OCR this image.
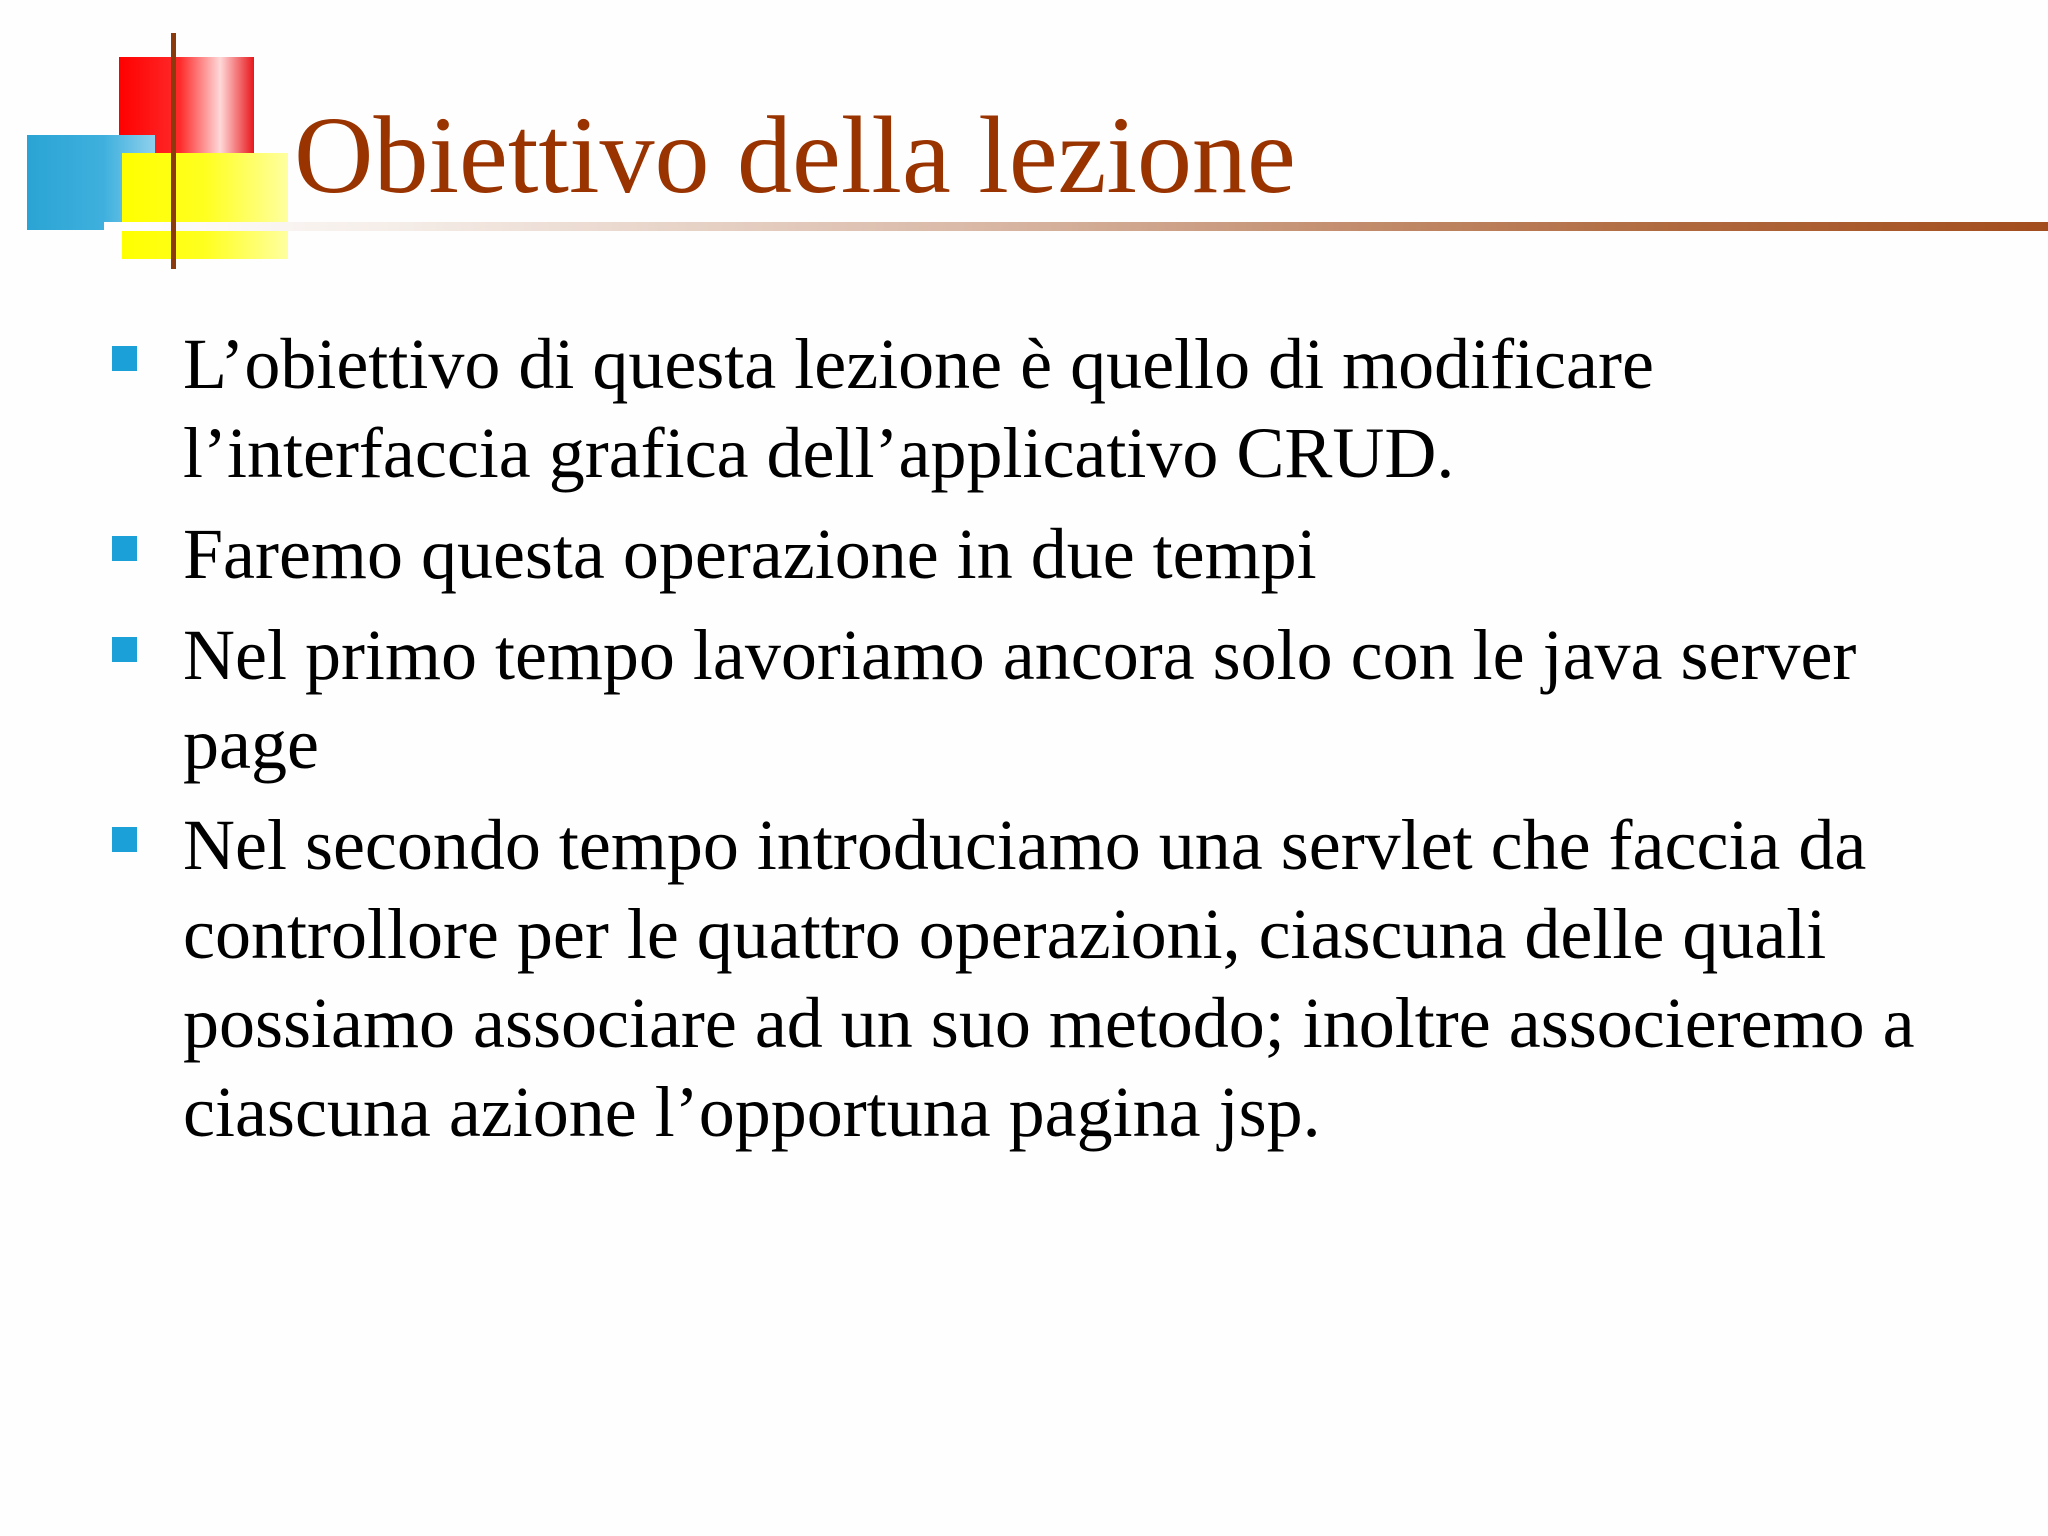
Obiettivo della lezione
L’obiettivo di questa lezione è quello di modificare l’interfaccia grafica dell’applicativo CRUD.
Faremo questa operazione in due tempi
Nel primo tempo lavoriamo ancora solo con le java server page
Nel secondo tempo introduciamo una servlet che faccia da controllore per le quattro operazioni, ciascuna delle quali possiamo associare ad un suo metodo; inoltre associeremo a ciascuna azione l’opportuna pagina jsp.
